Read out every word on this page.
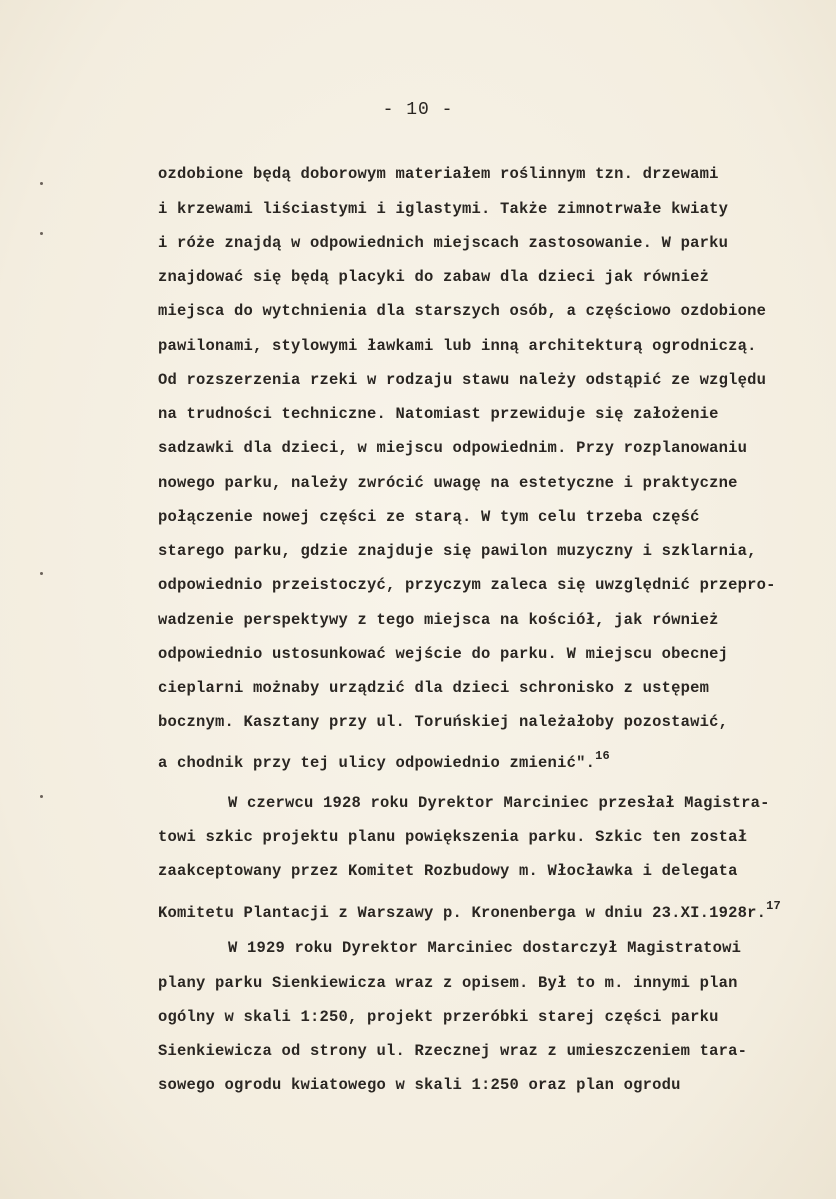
- 10 -
ozdobione będą doborowym materiałem roślinnym tzn. drzewami
i krzewami liściastymi i iglastymi. Także zimnotrwałe kwiaty
i róże znajdą w odpowiednich miejscach zastosowanie. W parku
znajdować się będą placyki do zabaw dla dzieci jak również
miejsca do wytchnienia dla starszych osób, a częściowo ozdobione
pawilonami, stylowymi ławkami lub inną architekturą ogrodniczą.
Od rozszerzenia rzeki w rodzaju stawu należy odstąpić ze względu
na trudności techniczne. Natomiast przewiduje się założenie
sadzawki dla dzieci, w miejscu odpowiednim. Przy rozplanowaniu
nowego parku, należy zwrócić uwagę na estetyczne i praktyczne
połączenie nowej części ze starą. W tym celu trzeba część
starego parku, gdzie znajduje się pawilon muzyczny i szklarnia,
odpowiednio przeistoczyć, przyczym zaleca się uwzględnić przepro-
wadzenie perspektywy z tego miejsca na kościół, jak również
odpowiednio ustosunkować wejście do parku. W miejscu obecnej
cieplarni możnaby urządzić dla dzieci schronisko z ustępem
bocznym. Kasztany przy ul. Toruńskiej należałoby pozostawić,
a chodnik przy tej ulicy odpowiednio zmienić".$^{16}$
W czerwcu 1928 roku Dyrektor Marciniec przesłał Magistra-
towi szkic projektu planu powiększenia parku. Szkic ten został
zaakceptowany przez Komitet Rozbudowy m. Włocławka i delegata
Komitetu Plantacji z Warszawy p. Kronenberga w dniu 23.XI.1928r.$^{17}$
W 1929 roku Dyrektor Marciniec dostarczył Magistratowi
plany parku Sienkiewicza wraz z opisem. Był to m. innymi plan
ogólny w skali 1:250, projekt przeróbki starej części parku
Sienkiewicza od strony ul. Rzecznej wraz z umieszczeniem tara-
sowego ogrodu kwiatowego w skali 1:250 oraz plan ogrodu
